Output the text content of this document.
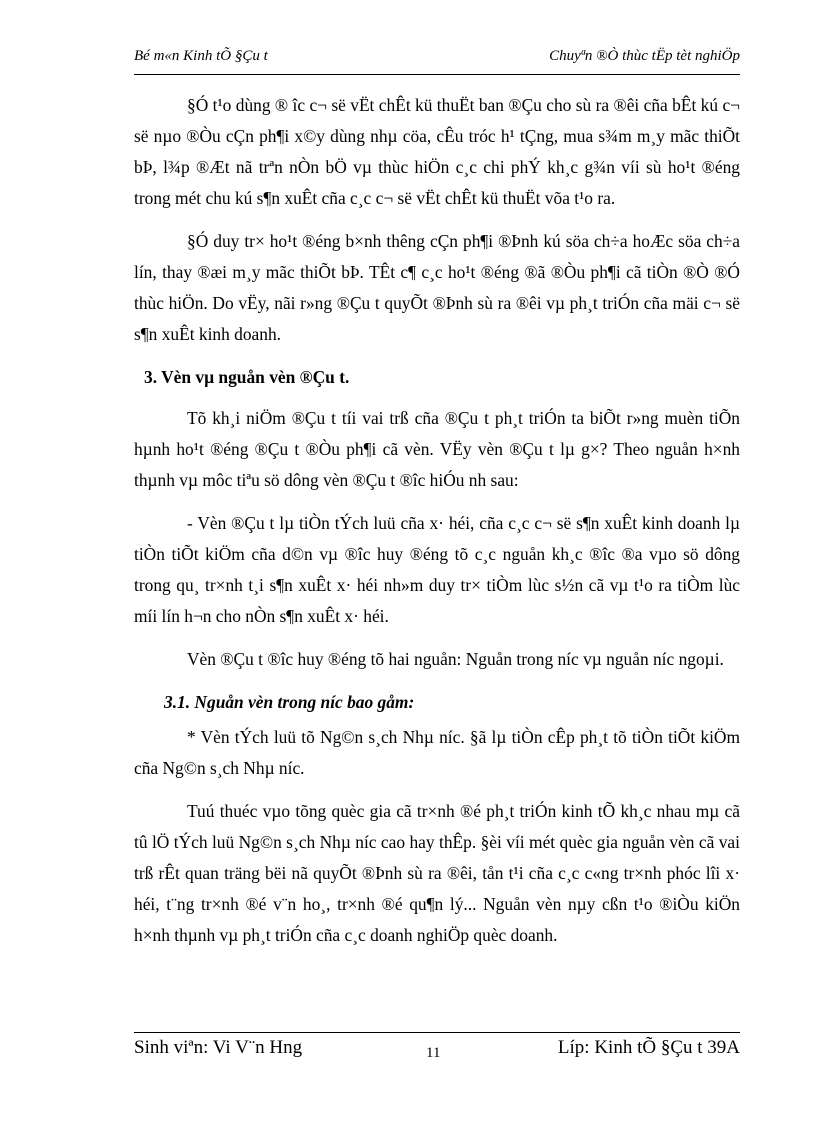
Bé m«n Kinh tÕ §Çu t	Chuyªn ®Ò thùc tËp tèt nghiÖp

§Ó t¹o dùng ® îc c¬ së vËt chÊt kü thuËt ban ®Çu cho sù ra ®êi cña bÊt kú c¬ së nµo ®Òu cÇn ph¶i x©y dùng nhµ cöa, cÊu tróc h¹ tÇng, mua s¾m m¸y mãc thiÕt bÞ, l¾p ®Æt nã trªn nÒn bÖ vµ thùc hiÖn c¸c chi phÝ kh¸c g¾n víi sù ho¹t ®éng trong mét chu kú s¶n xuÊt cña c¸c c¬ së vËt chÊt kü thuËt võa t¹o ra.

§Ó duy tr× ho¹t ®éng b×nh thêng cÇn ph¶i ®Þnh kú söa ch÷a hoÆc söa ch÷a lín, thay ®æi m¸y mãc thiÕt bÞ. TÊt c¶ c¸c ho¹t ®éng ®ã ®Òu ph¶i cã tiÒn ®Ò ®Ó thùc hiÖn. Do vËy, nãi r»ng ®Çu t quyÕt ®Þnh sù ra ®êi vµ ph¸t triÓn cña mäi c¬ së s¶n xuÊt kinh doanh.

3. Vèn vµ nguån vèn ®Çu t.

Tõ kh¸i niÖm ®Çu t tíi vai trß cña ®Çu t ph¸t triÓn ta biÕt r»ng muèn tiÕn hµnh ho¹t ®éng ®Çu t ®Òu ph¶i cã vèn. VËy vèn ®Çu t lµ g×? Theo nguån h×nh thµnh vµ môc tiªu sö dông vèn ®Çu t ®îc hiÓu nh sau:

- Vèn ®Çu t lµ tiÒn tÝch luü cña x· héi, cña c¸c c¬ së s¶n xuÊt kinh doanh lµ tiÒn tiÕt kiÖm cña d©n vµ ®îc huy ®éng tõ c¸c nguån kh¸c ®îc ®a vµo sö dông trong qu¸ tr×nh t¸i s¶n xuÊt x· héi nh»m duy tr× tiÒm lùc s½n cã vµ t¹o ra tiÒm lùc míi lín h¬n cho nÒn s¶n xuÊt x· héi.

Vèn ®Çu t ®îc huy ®éng tõ hai nguån: Nguån trong níc vµ nguån níc ngoµi.

3.1. Nguån vèn trong níc bao gåm:

* Vèn tÝch luü tõ Ng©n s¸ch Nhµ níc. §ã lµ tiÒn cÊp ph¸t tõ tiÒn tiÕt kiÖm cña Ng©n s¸ch Nhµ níc.

Tuú thuéc vµo tõng quèc gia cã tr×nh ®é ph¸t triÓn kinh tÕ kh¸c nhau mµ cã tû lÖ tÝch luü Ng©n s¸ch Nhµ níc cao hay thÊp. §èi víi mét quèc gia nguån vèn cã vai trß rÊt quan träng bëi nã quyÕt ®Þnh sù ra ®êi, tån t¹i cña c¸c c«ng tr×nh phóc lîi x· héi, t¨ng tr×nh ®é v¨n ho¸, tr×nh ®é qu¶n lý... Nguån vèn nµy cßn t¹o ®iÒu kiÖn h×nh thµnh vµ ph¸t triÓn cña c¸c doanh nghiÖp quèc doanh.

Sinh viªn: Vi V¨n Hng	11	Líp: Kinh tÕ §Çu t 39A
